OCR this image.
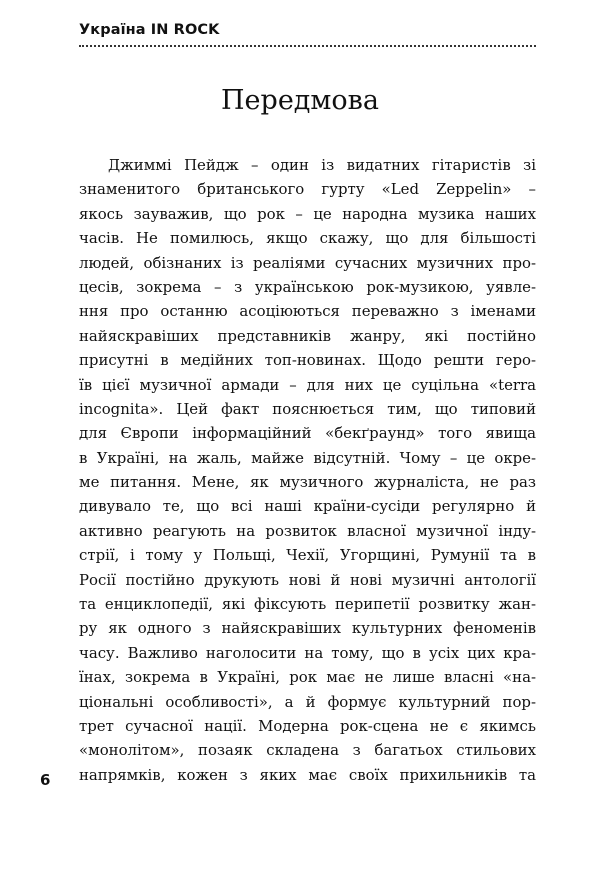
Україна IN ROCK
Передмова
Джиммі Пейдж – один із видатних гітаристів зі
знаменитого британського гурту «Led Zeppelin» –
якось зауважив, що рок – це народна музика наших
часів. Не помилюсь, якщо скажу, що для більшості
людей, обізнаних із реаліями сучасних музичних про-
цесів, зокрема – з українською рок-музикою, уявле-
ння про останню асоціюються переважно з іменами
найяскравіших представників жанру, які постійно
присутні в медійних топ-новинах. Щодо решти геро-
їв цієї музичної армади – для них це суцільна «terra
incognita». Цей факт пояснюється тим, що типовий
для Європи інформаційний «бекґраунд» того явища
в Україні, на жаль, майже відсутній. Чому – це окре-
ме питання. Мене, як музичного журналіста, не раз
дивувало те, що всі наші країни-сусіди регулярно й
активно реагують на розвиток власної музичної інду-
стрії, і тому у Польщі, Чехії, Угорщині, Румунії та в
Росії постійно друкують нові й нові музичні антології
та енциклопедії, які фіксують перипетії розвитку жан-
ру як одного з найяскравіших культурних феноменів
часу. Важливо наголосити на тому, що в усіх цих кра-
їнах, зокрема в Україні, рок має не лише власні «на-
ціональні особливості», а й формує культурний пор-
трет сучасної нації. Модерна рок-сцена не є якимсь
«монолітом», позаяк складена з багатьох стильових
напрямків, кожен з яких має своїх прихильників та
6
